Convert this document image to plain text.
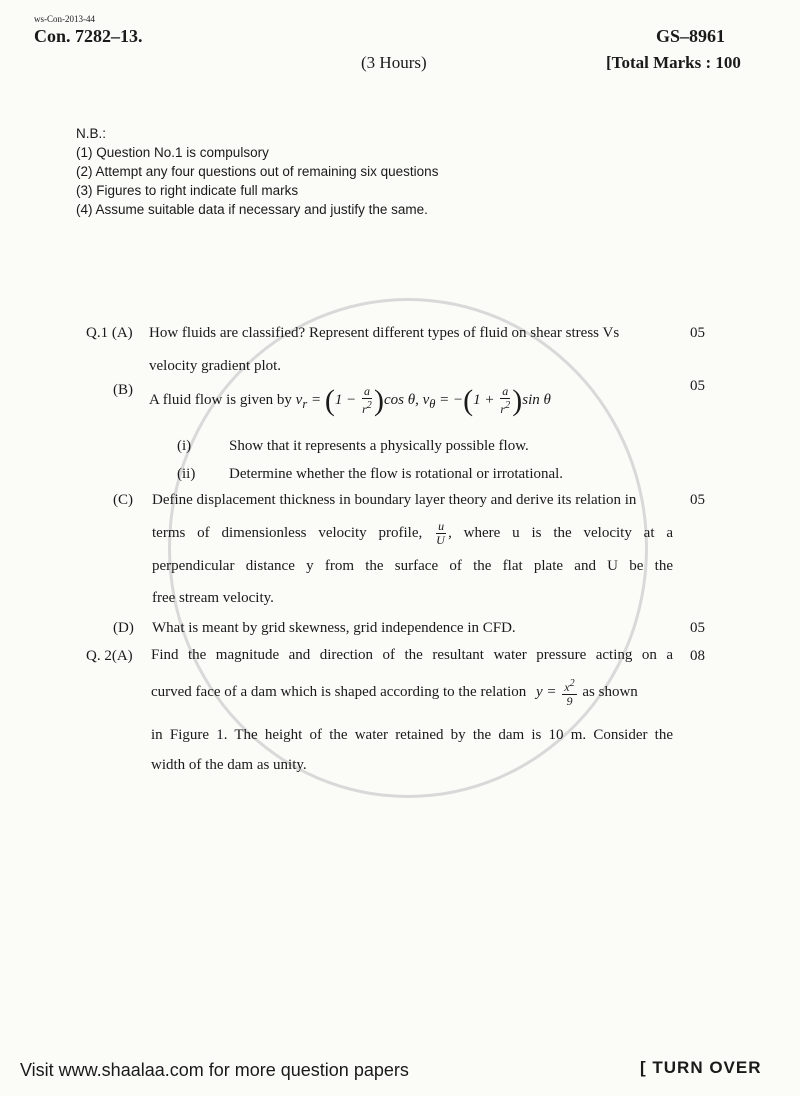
ws-Con-2013-44
Con. 7282–13.	GS–8961
(3 Hours)	[Total Marks : 100
N.B.:
(1) Question No.1 is compulsory
(2) Attempt any four questions out of remaining six questions
(3) Figures to right indicate full marks
(4) Assume suitable data if necessary and justify the same.
Q.1 (A) How fluids are classified? Represent different types of fluid on shear stress Vs
velocity gradient plot.
05
(B)
A fluid flow is given by $v_r = (1 - \frac{a}{r^2} )\cos$ θ, $v_\theta = -(1 + \frac{a}{r^2} )\sin$ θ
05
(i)	Show that it represents a physically possible flow.
(ii) Determine whether the flow is rotational or irrotational.
(C) Define displacement thickness in boundary layer theory and derive its relation in
terms of dimensionless velocity profile, $\frac{u}{U}$ , where u is the velocity at a
perpendicular distance y from the surface of the flat plate and U be the
free stream velocity.
05
(D) What is meant by grid skewness, grid independence in CFD.	05
Q. 2(A) Find the magnitude and direction of the resultant water pressure acting on a
curved face of a dam which is shaped according to the relation $y = \frac{x^2}{9}$ as shown
in Figure 1. The height of the water retained by the dam is 10 m. Consider the
width of the dam as unity.
08
Visit www.shaalaa.com for more question papers	[ TURN OVER
